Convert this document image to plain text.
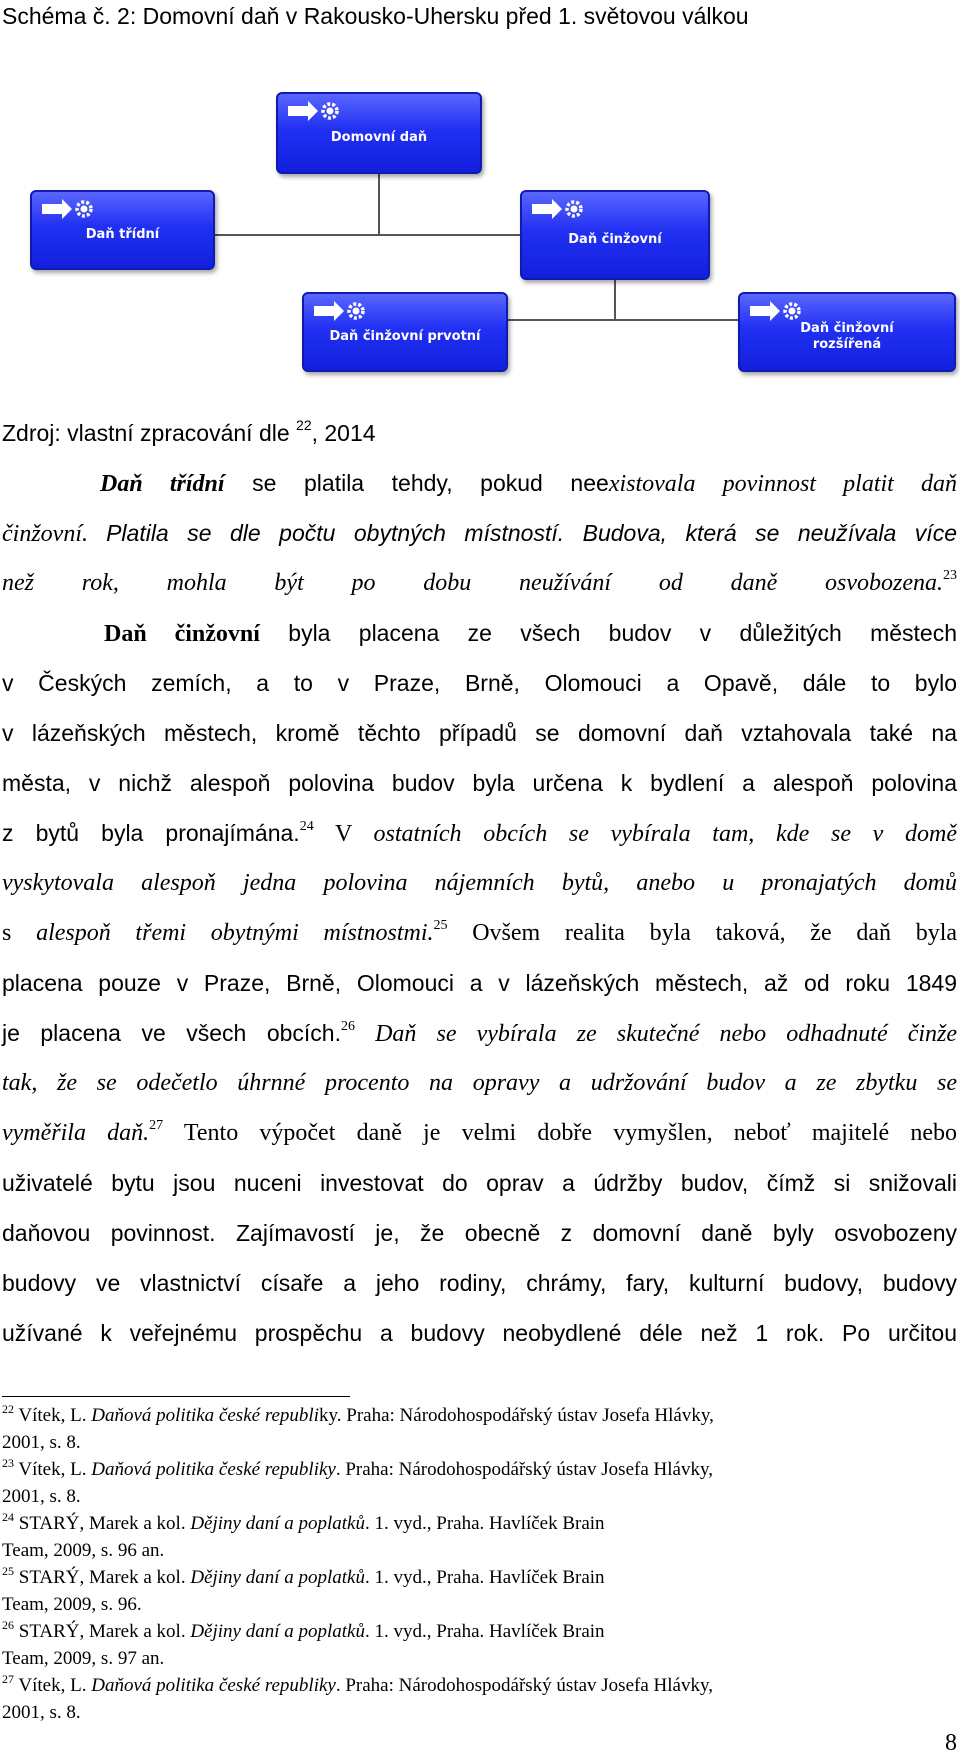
Schéma č. 2: Domovní daň v Rakousko-Uhersku před 1. světovou válkou
Domovní daň
Daň třídní	Daň činžovní
Daň činžovní prvotní
Daň činžovní rozšířená
Zdroj: vlastní zpracování dle $^{22}$, 2014
Daň třídní se platila tehdy, pokud neexistovala povinnost platit daň
činžovní. Platila se dle počtu obytných místností. Budova, která se neužívala více
než rok, mohla být po dobu neužívání od daně osvobozena.$^{23}$
Daň činžovní byla placena ze všech budov v důležitých městech
v Českých zemích, a to v Praze, Brně, Olomouci a Opavě, dále to bylo
v lázeňských městech, kromě těchto případů se domovní daň vztahovala také na
města, v nichž alespoň polovina budov byla určena k bydlení a alespoň polovina
z bytů byla pronajímána.$^{24}$ V ostatních obcích se vybírala tam, kde se v domě
vyskytovala alespoň jedna polovina nájemních bytů, anebo u pronajatých domů
s alespoň třemi obytnými místnostmi.$^{25}$ Ovšem realita byla taková, že daň byla
placena pouze v Praze, Brně, Olomouci a v lázeňských městech, až od roku 1849
je placena ve všech obcích.$^{26}$ Daň se vybírala ze skutečné nebo odhadnuté činže
tak, že se odečetlo úhrnné procento na opravy a udržování budov a ze zbytku se
vyměřila daň.$^{27}$ Tento výpočet daně je velmi dobře vymyšlen, neboť majitelé nebo
uživatelé bytu jsou nuceni investovat do oprav a údržby budov, čímž si snižovali
daňovou povinnost. Zajímavostí je, že obecně z domovní daně byly osvobozeny
budovy ve vlastnictví císaře a jeho rodiny, chrámy, fary, kulturní budovy, budovy
užívané k veřejnému prospěchu a budovy neobydlené déle než 1 rok. Po určitou
$^{22}$ Vítek, L. Daňová politika české republiky. Praha: Národohospodářský ústav Josefa Hlávky,
2001, s. 8.
$^{23}$ Vítek, L. Daňová politika české republiky. Praha: Národohospodářský ústav Josefa Hlávky,
2001, s. 8.
$^{24}$ STARÝ, Marek a kol. Dějiny daní a poplatků. 1. vyd., Praha. Havlíček Brain
Team, 2009, s. 96 an.
$^{25}$ STARÝ, Marek a kol. Dějiny daní a poplatků. 1. vyd., Praha. Havlíček Brain
Team, 2009, s. 96.
$^{26}$ STARÝ, Marek a kol. Dějiny daní a poplatků. 1. vyd., Praha. Havlíček Brain
Team, 2009, s. 97 an.
$^{27}$ Vítek, L. Daňová politika české republiky. Praha: Národohospodářský ústav Josefa Hlávky,
2001, s. 8.
8
